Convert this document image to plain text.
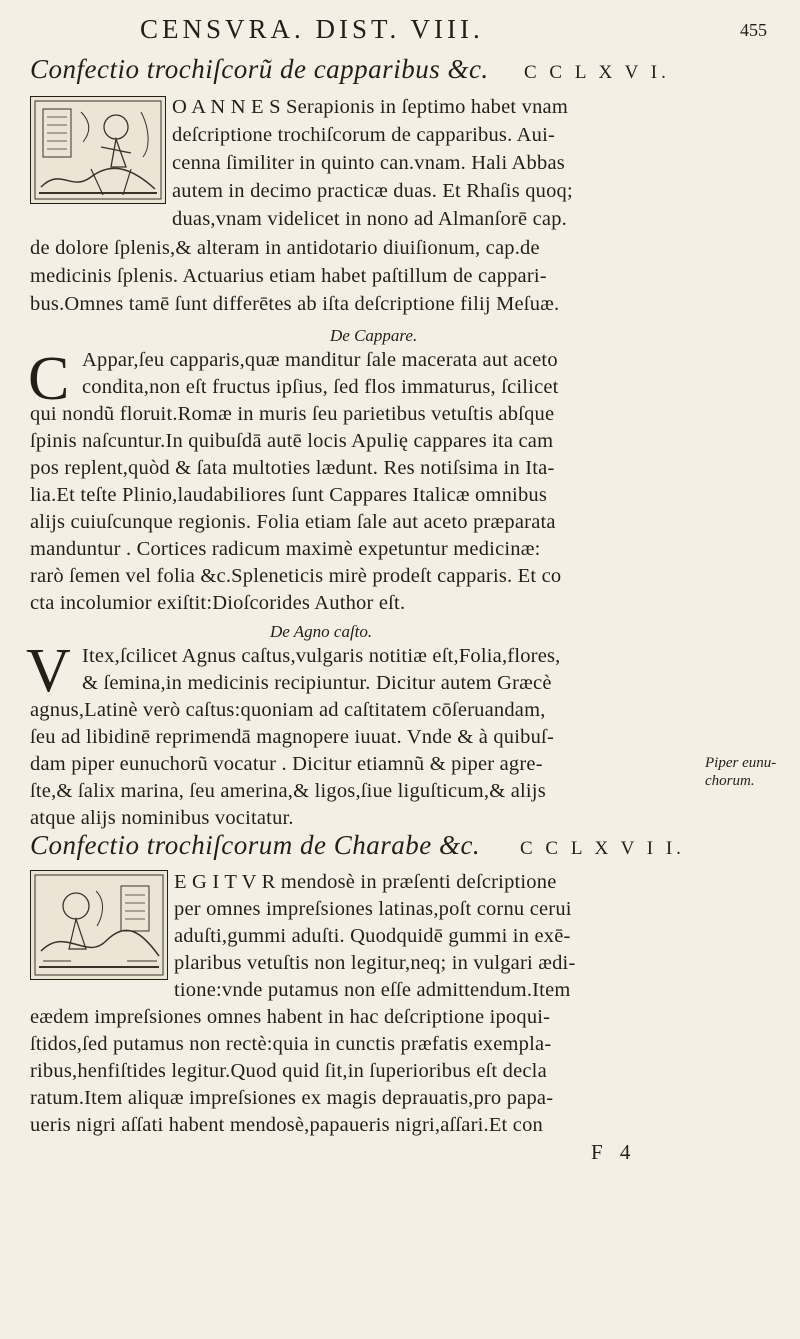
CENSVRA. DIST. VIII.	455
Confectio trochiſcorũ de capparibus &c. C C L X V I.
O A N N E S Serapionis in ſeptimo habet vnam
deſcriptione trochiſcorum de capparibus. Aui-
cenna ſimiliter in quinto can.vnam. Hali Abbas
autem in decimo practicæ duas. Et Rhaſis quoq;
duas,vnam videlicet in nono ad Almanſorē cap.
de dolore ſplenis,& alteram in antidotario diuiſionum, cap.de
medicinis ſplenis. Actuarius etiam habet paſtillum de cappari-
bus.Omnes tamē ſunt differētes ab iſta deſcriptione filij Meſuæ.
De Cappare.
C Appar,ſeu capparis,quæ manditur ſale macerata aut aceto
condita,non eſt fructus ipſius, ſed flos immaturus, ſcilicet
qui nondũ floruit.Romæ in muris ſeu parietibus vetuſtis abſque
ſpinis naſcuntur.In quibuſdā autē locis Apulię cappares ita cam
pos replent,quòd & ſata multoties lædunt. Res notiſsima in Ita-
lia.Et teſte Plinio,laudabiliores ſunt Cappares Italicæ omnibus
alijs cuiuſcunque regionis. Folia etiam ſale aut aceto præparata
manduntur . Cortices radicum maximè expetuntur medicinæ:
rarò ſemen vel folia &c.Spleneticis mirè prodeſt capparis. Et co
cta incolumior exiſtit:Dioſcorides Author eſt.
De Agno caſto.
V Itex,ſcilicet Agnus caſtus,vulgaris notitiæ eſt,Folia,flores,
& ſemina,in medicinis recipiuntur. Dicitur autem Græcè
agnus,Latinè verò caſtus:quoniam ad caſtitatem cōſeruandam,
ſeu ad libidinē reprimendā magnopere iuuat. Vnde & à quibuſ-
dam piper eunuchorũ vocatur . Dicitur etiamnũ & piper agre-
ſte,& ſalix marina, ſeu amerina,& ligos,ſiue liguſticum,& alijs
atque alijs nominibus vocitatur.
Piper eunu-
chorum.
Confectio trochiſcorum de Charabe &c. C C L X V I I.
E G I T V R mendosè in præſenti deſcriptione
per omnes impreſsiones latinas,poſt cornu cerui
aduſti,gummi aduſti. Quodquidē gummi in exē-
plaribus vetuſtis non legitur,neq; in vulgari ædi-
tione:vnde putamus non eſſe admittendum.Item
eædem impreſsiones omnes habent in hac deſcriptione ipoqui-
ſtidos,ſed putamus non rectè:quia in cunctis præfatis exempla-
ribus,henfiſtides legitur.Quod quid ſit,in ſuperioribus eſt decla
ratum.Item aliquæ impreſsiones ex magis deprauatis,pro papa-
ueris nigri aſſati habent mendosè,papaueris nigri,aſſari.Et con
F 4
